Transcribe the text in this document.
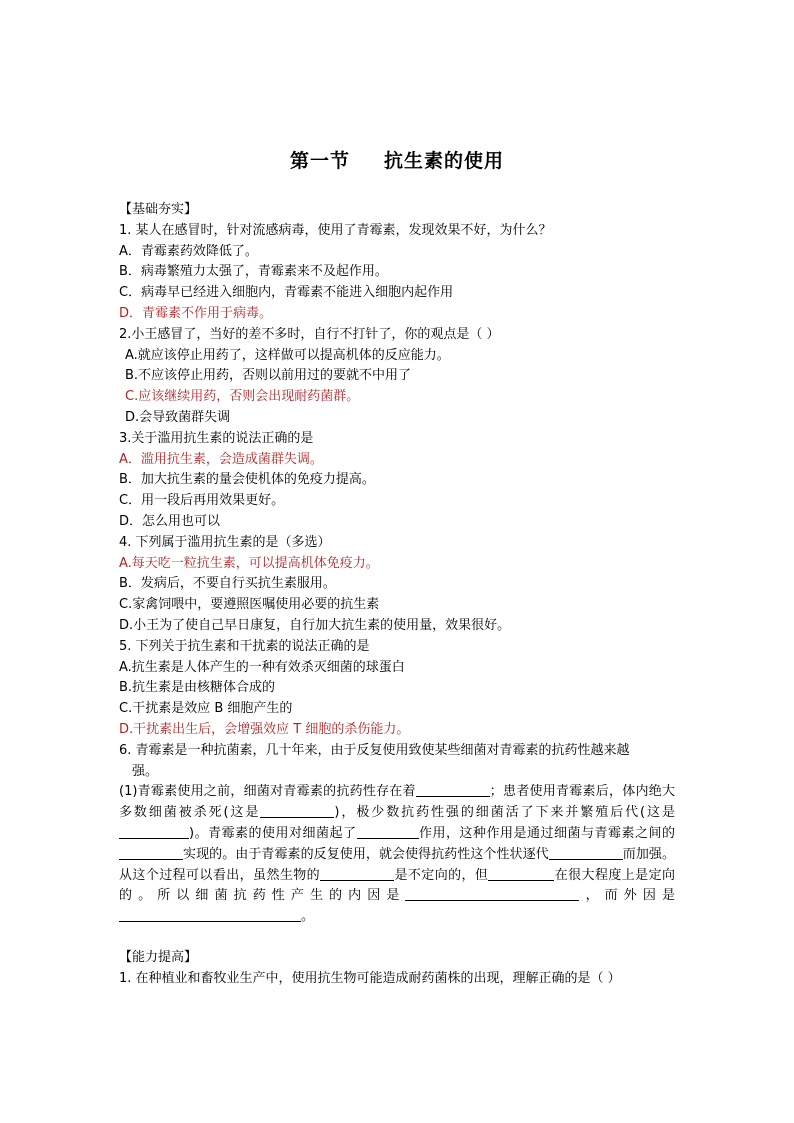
第一节 抗生素的使用
【基础夯实】
1. 某人在感冒时，针对流感病毒，使用了青霉素，发现效果不好，为什么？
A．青霉素药效降低了。
B．病毒繁殖力太强了，青霉素来不及起作用。
C．病毒早已经进入细胞内，青霉素不能进入细胞内起作用
D．青霉素不作用于病毒。
2.小王感冒了，当好的差不多时，自行不打针了，你的观点是（ ）
A.就应该停止用药了，这样做可以提高机体的反应能力。
B.不应该停止用药，否则以前用过的要就不中用了
C.应该继续用药，否则会出现耐药菌群。
D.会导致菌群失调
3.关于滥用抗生素的说法正确的是
A．滥用抗生素，会造成菌群失调。
B．加大抗生素的量会使机体的免疫力提高。
C．用一段后再用效果更好。
D．怎么用也可以
4. 下列属于滥用抗生素的是（多选）
A.每天吃一粒抗生素，可以提高机体免疫力。
B．发病后，不要自行买抗生素服用。
C.家禽饲喂中，要遵照医嘱使用必要的抗生素
D.小王为了使自己早日康复，自行加大抗生素的使用量，效果很好。
5. 下列关于抗生素和干扰素的说法正确的是
A.抗生素是人体产生的一种有效杀灭细菌的球蛋白
B.抗生素是由核糖体合成的
C.干扰素是效应 B 细胞产生的
D.干扰素出生后，会增强效应 T 细胞的杀伤能力。
6. 青霉素是一种抗菌素，几十年来，由于反复使用致使某些细菌对青霉素的抗药性越来越
强。
(1)青霉素使用之前，细菌对青霉素的抗药性存在着	；患者使用青霉素后，体内绝大多数细菌被杀死(这是	)，极少数抗药性强的细菌活了下来并繁殖后代(这是)。青霉素的使用对细菌起了	作用，这种作用是通过细菌与青霉素之间的实现的。由于青霉素的反复使用，就会使得抗药性这个性状逐代	而加强。从这个过程可以看出，虽然生物的	是不定向的，但	在很大程度上是定向的。所以细菌抗药性产生的内因是	，而外因是。
【能力提高】
1. 在种植业和畜牧业生产中，使用抗生物可能造成耐药菌株的出现，理解正确的是（ ）
